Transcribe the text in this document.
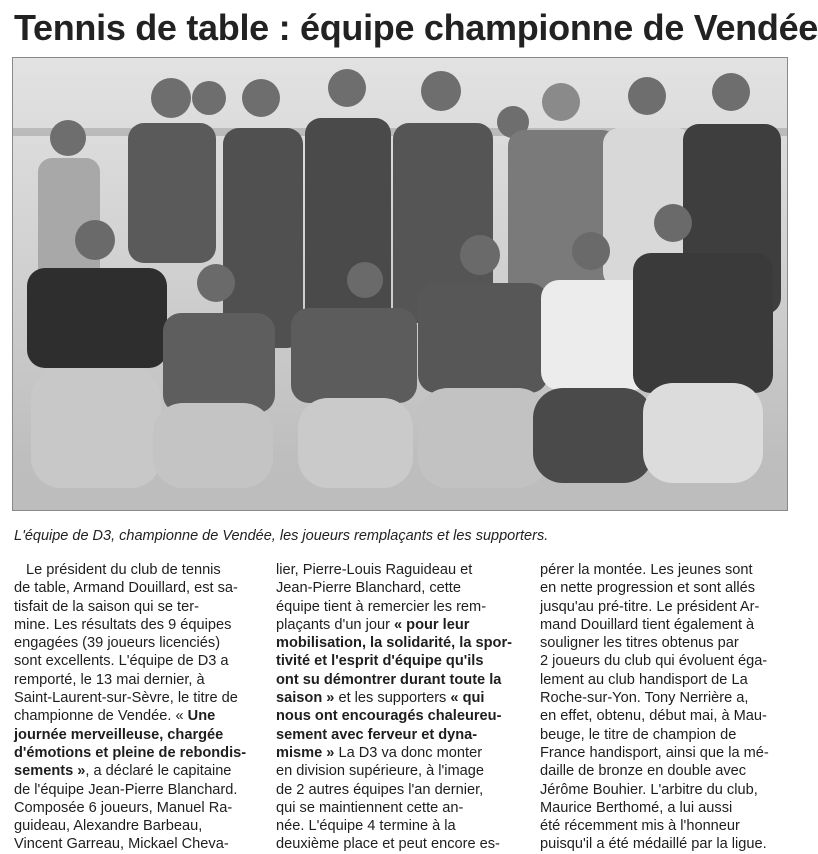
Tennis de table : équipe championne de Vendée
L'équipe de D3, championne de Vendée, les joueurs remplaçants et les supporters.

Le président du club de tennis

de table, Armand Douillard, est sa-

tisfait de la saison qui se ter-

mine. Les résultats des 9 équipes

engagées (39 joueurs licenciés)

sont excellents. L'équipe de D3 a

remporté, le 13 mai dernier, à

Saint-Laurent-sur-Sèvre, le titre de

championne de Vendée. « Une

journée merveilleuse, chargée

d'émotions et pleine de rebondis-

sements », a déclaré le capitaine

de l'équipe Jean-Pierre Blanchard.

Composée 6 joueurs, Manuel Ra-

guideau, Alexandre Barbeau,

Vincent Garreau, Mickael Cheva-

lier, Pierre-Louis Raguideau et

Jean-Pierre Blanchard, cette

équipe tient à remercier les rem-

plaçants d'un jour « pour leur

mobilisation, la solidarité, la spor-

tivité et l'esprit d'équipe qu'ils

ont su démontrer durant toute la

saison » et les supporters « qui

nous ont encouragés chaleureu-

sement avec ferveur et dyna-

misme » La D3 va donc monter

en division supérieure, à l'image

de 2 autres équipes l'an dernier,

qui se maintiennent cette an-

née. L'équipe 4 termine à la

deuxième place et peut encore es-

pérer la montée. Les jeunes sont

en nette progression et sont allés

jusqu'au pré-titre. Le président Ar-

mand Douillard tient également à

souligner les titres obtenus par

2 joueurs du club qui évoluent éga-

lement au club handisport de La

Roche-sur-Yon. Tony Nerrière a,

en effet, obtenu, début mai, à Mau-

beuge, le titre de champion de

France handisport, ainsi que la mé-

daille de bronze en double avec

Jérôme Bouhier. L'arbitre du club,

Maurice Berthomé, a lui aussi

été récemment mis à l'honneur

puisqu'il a été médaillé par la ligue.
